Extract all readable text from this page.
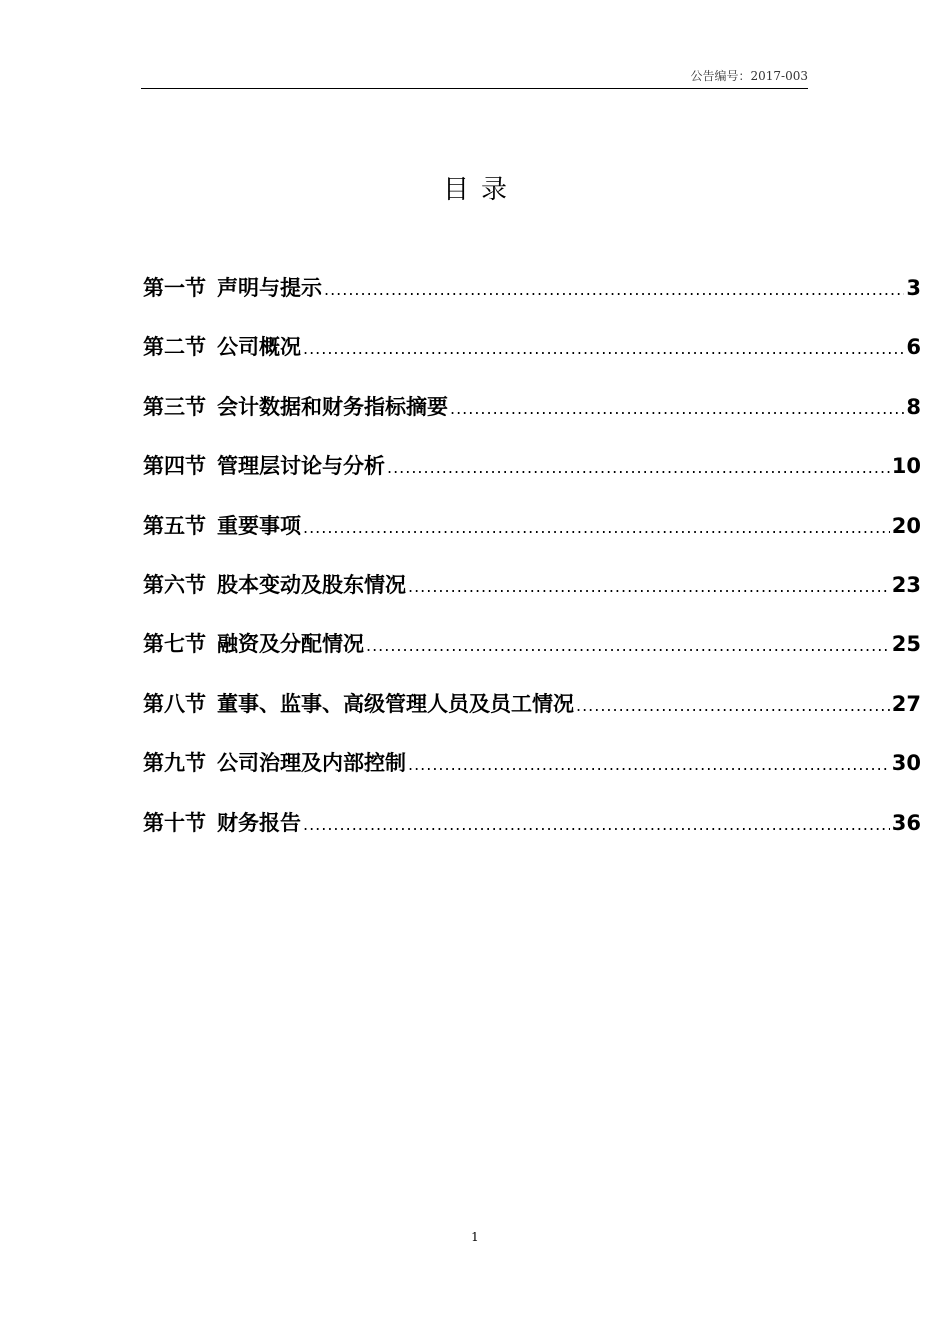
公告编号：2017-003
目录
第一节 声明与提示 .....	3
第二节 公司概况 .....	6
第三节 会计数据和财务指标摘要 .....	8
第四节 管理层讨论与分析 .....	10
第五节 重要事项 .....	20
第六节 股本变动及股东情况 .....	23
第七节 融资及分配情况 .....	25
第八节 董事、监事、高级管理人员及员工情况 .....	27
第九节 公司治理及内部控制 .....	30
第十节 财务报告 .....	36
1
